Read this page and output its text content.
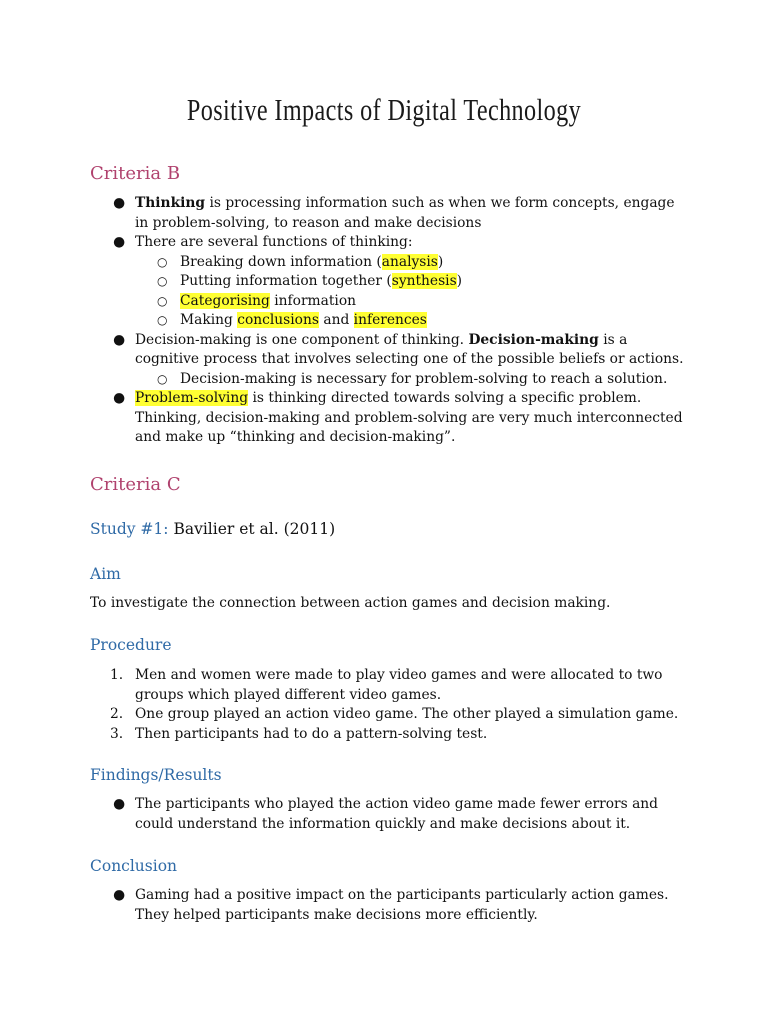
Positive Impacts of Digital Technology
Criteria B
● Thinking is processing information such as when we form concepts, engage in problem-solving, to reason and make decisions
● There are several functions of thinking:
○ Breaking down information (analysis)
○ Putting information together (synthesis)
○ Categorising information
○ Making conclusions and inferences
● Decision-making is one component of thinking. Decision-making is a cognitive process that involves selecting one of the possible beliefs or actions.
○ Decision-making is necessary for problem-solving to reach a solution.
● Problem-solving is thinking directed towards solving a specific problem. Thinking, decision-making and problem-solving are very much interconnected and make up “thinking and decision-making”.
Criteria C
Study #1: Bavilier et al. (2011)
Aim
To investigate the connection between action games and decision making.
Procedure
1. Men and women were made to play video games and were allocated to two groups which played different video games.
2. One group played an action video game. The other played a simulation game.
3. Then participants had to do a pattern-solving test.
Findings/Results
● The participants who played the action video game made fewer errors and could understand the information quickly and make decisions about it.
Conclusion
● Gaming had a positive impact on the participants particularly action games. They helped participants make decisions more efficiently.
